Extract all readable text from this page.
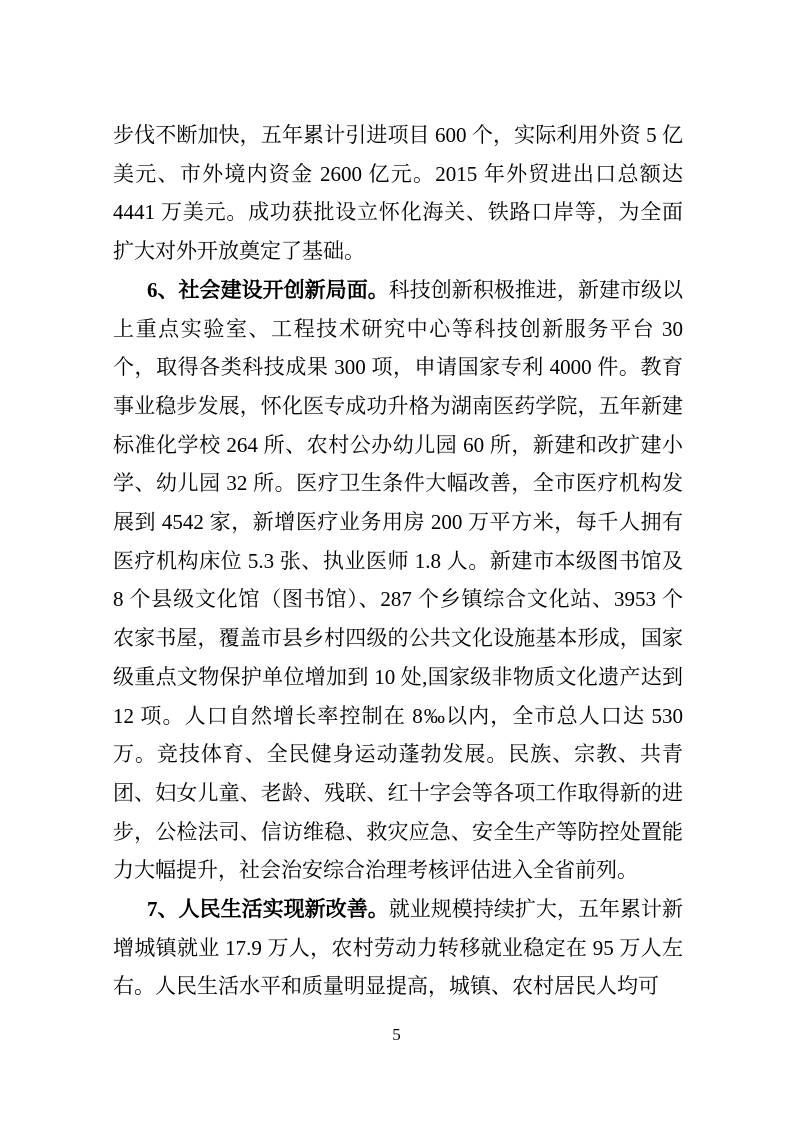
步伐不断加快，五年累计引进项目 600 个，实际利用外资 5 亿美元、市外境内资金 2600 亿元。2015 年外贸进出口总额达 4441 万美元。成功获批设立怀化海关、铁路口岸等，为全面扩大对外开放奠定了基础。

6、社会建设开创新局面。科技创新积极推进，新建市级以上重点实验室、工程技术研究中心等科技创新服务平台 30 个，取得各类科技成果 300 项，申请国家专利 4000 件。教育事业稳步发展，怀化医专成功升格为湖南医药学院，五年新建标准化学校 264 所、农村公办幼儿园 60 所，新建和改扩建小学、幼儿园 32 所。医疗卫生条件大幅改善，全市医疗机构发展到 4542 家，新增医疗业务用房 200 万平方米，每千人拥有医疗机构床位 5.3 张、执业医师 1.8 人。新建市本级图书馆及 8 个县级文化馆（图书馆）、287 个乡镇综合文化站、3953 个农家书屋，覆盖市县乡村四级的公共文化设施基本形成，国家级重点文物保护单位增加到 10 处,国家级非物质文化遗产达到 12 项。人口自然增长率控制在 8‰以内，全市总人口达 530 万。竞技体育、全民健身运动蓬勃发展。民族、宗教、共青团、妇女儿童、老龄、残联、红十字会等各项工作取得新的进步，公检法司、信访维稳、救灾应急、安全生产等防控处置能力大幅提升，社会治安综合治理考核评估进入全省前列。

7、人民生活实现新改善。就业规模持续扩大，五年累计新增城镇就业 17.9 万人，农村劳动力转移就业稳定在 95 万人左右。人民生活水平和质量明显提高，城镇、农村居民人均可

5
